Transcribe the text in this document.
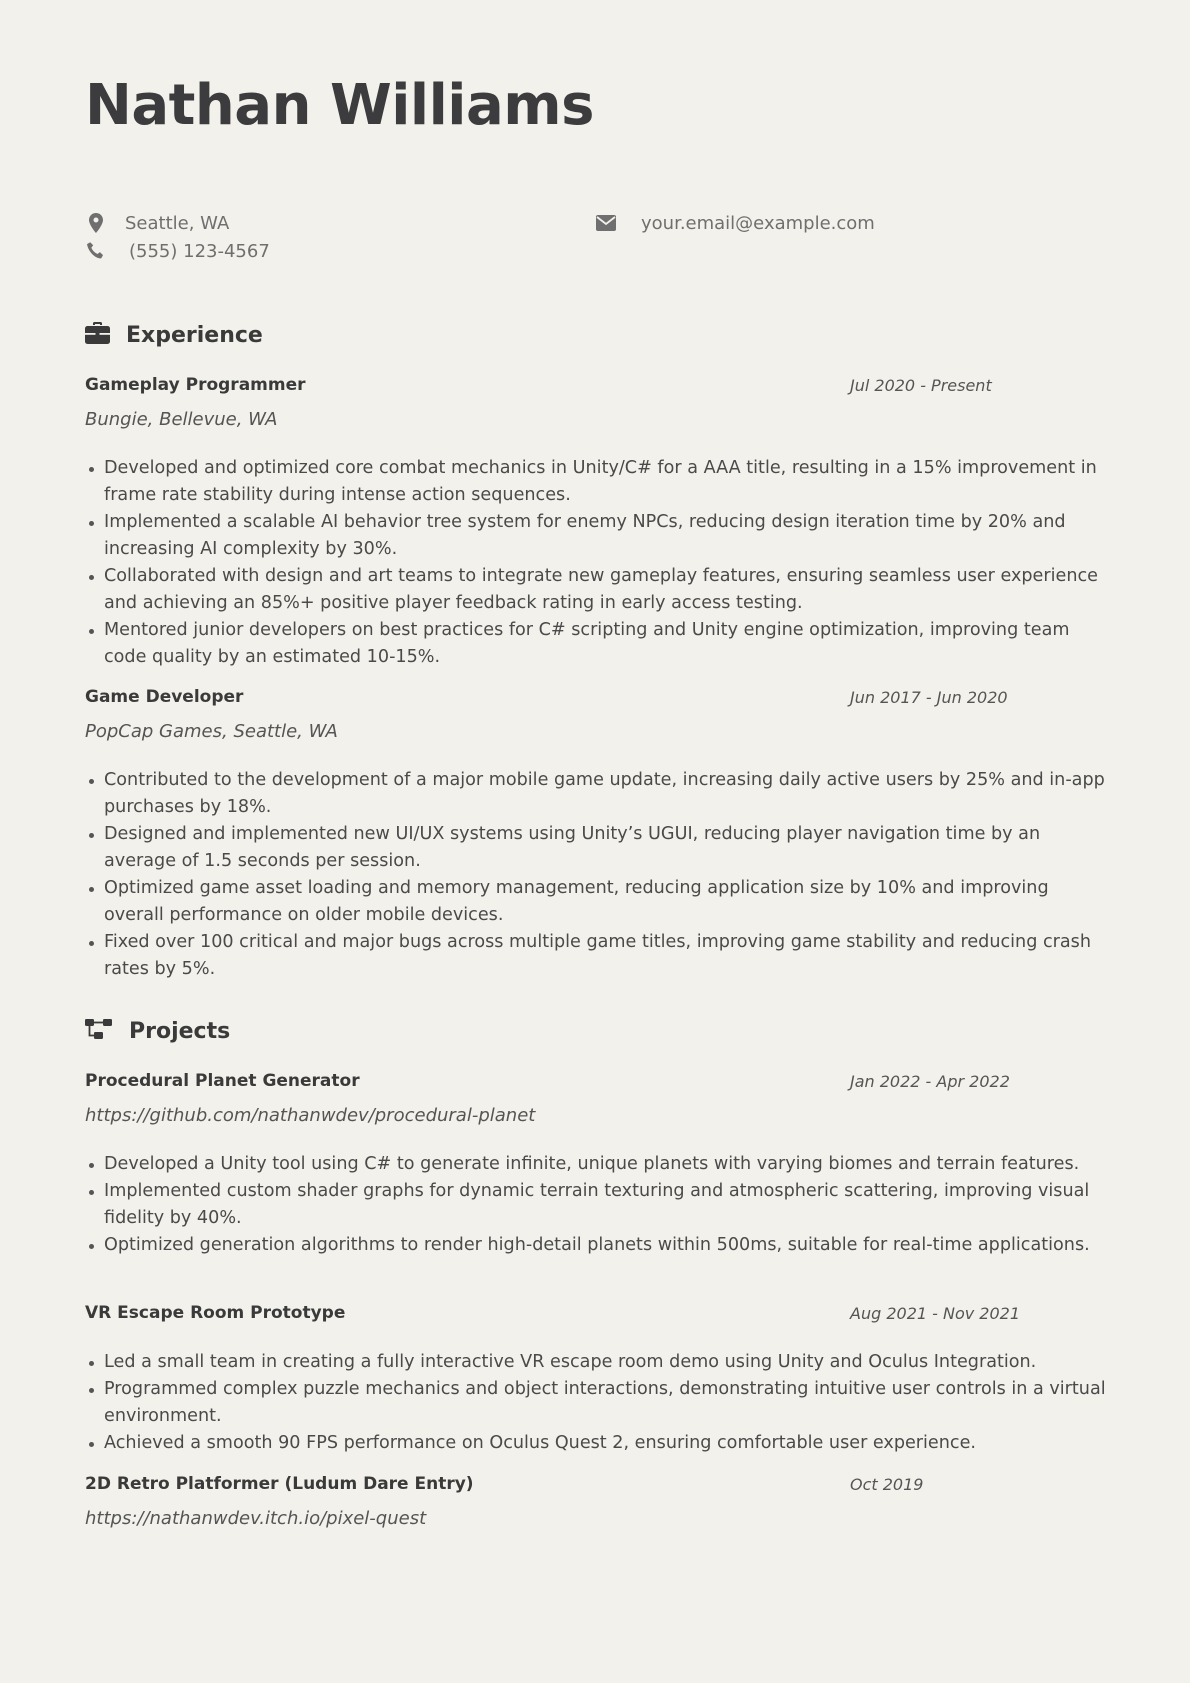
Nathan Williams
Seattle, WA	your.email@example.com
(555) 123-4567
Experience
Gameplay Programmer	Jul 2020 - Present
Bungie, Bellevue, WA
Developed and optimized core combat mechanics in Unity/C# for a AAA title, resulting in a 15% improvement in frame rate stability during intense action sequences.
Implemented a scalable AI behavior tree system for enemy NPCs, reducing design iteration time by 20% and increasing AI complexity by 30%.
Collaborated with design and art teams to integrate new gameplay features, ensuring seamless user experience and achieving an 85%+ positive player feedback rating in early access testing.
Mentored junior developers on best practices for C# scripting and Unity engine optimization, improving team code quality by an estimated 10-15%.
Game Developer	Jun 2017 - Jun 2020
PopCap Games, Seattle, WA
Contributed to the development of a major mobile game update, increasing daily active users by 25% and in-app purchases by 18%.
Designed and implemented new UI/UX systems using Unity’s UGUI, reducing player navigation time by an average of 1.5 seconds per session.
Optimized game asset loading and memory management, reducing application size by 10% and improving overall performance on older mobile devices.
Fixed over 100 critical and major bugs across multiple game titles, improving game stability and reducing crash rates by 5%.
Projects
Procedural Planet Generator	Jan 2022 - Apr 2022
https://github.com/nathanwdev/procedural-planet
Developed a Unity tool using C# to generate infinite, unique planets with varying biomes and terrain features.
Implemented custom shader graphs for dynamic terrain texturing and atmospheric scattering, improving visual fidelity by 40%.
Optimized generation algorithms to render high-detail planets within 500ms, suitable for real-time applications.
VR Escape Room Prototype	Aug 2021 - Nov 2021
Led a small team in creating a fully interactive VR escape room demo using Unity and Oculus Integration.
Programmed complex puzzle mechanics and object interactions, demonstrating intuitive user controls in a virtual environment.
Achieved a smooth 90 FPS performance on Oculus Quest 2, ensuring comfortable user experience.
2D Retro Platformer (Ludum Dare Entry)	Oct 2019
https://nathanwdev.itch.io/pixel-quest
